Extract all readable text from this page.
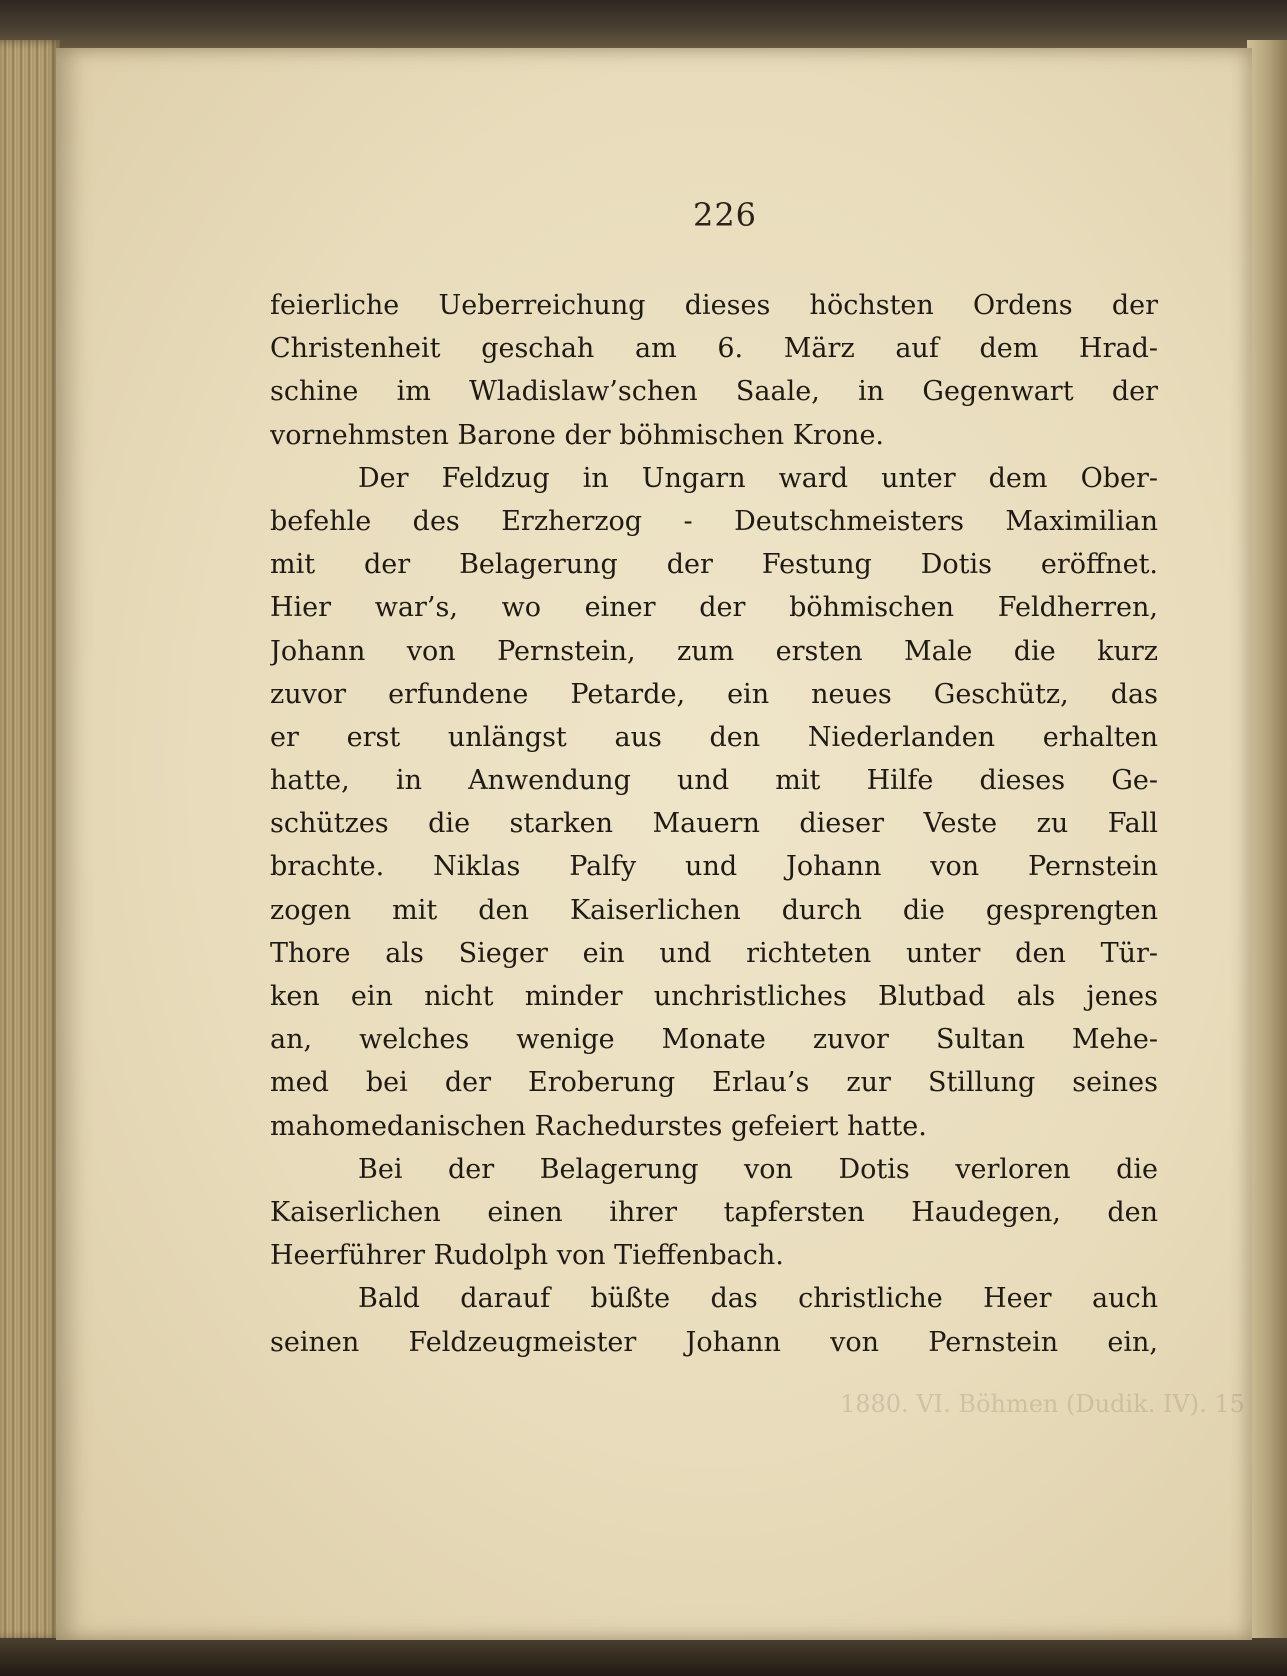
226
feierliche Ueberreichung dieses höchsten Ordens der
Christenheit geschah am 6. März auf dem Hrad-
schine im Wladislaw’schen Saale, in Gegenwart der
vornehmsten Barone der böhmischen Krone.
Der Feldzug in Ungarn ward unter dem Ober-
befehle des Erzherzog - Deutschmeisters Maximilian
mit der Belagerung der Festung Dotis eröffnet.
Hier war’s, wo einer der böhmischen Feldherren,
Johann von Pernstein, zum ersten Male die kurz
zuvor erfundene Petarde, ein neues Geschütz, das
er erst unlängst aus den Niederlanden erhalten
hatte, in Anwendung und mit Hilfe dieses Ge-
schützes die starken Mauern dieser Veste zu Fall
brachte. Niklas Palfy und Johann von Pernstein
zogen mit den Kaiserlichen durch die gesprengten
Thore als Sieger ein und richteten unter den Tür-
ken ein nicht minder unchristliches Blutbad als jenes
an, welches wenige Monate zuvor Sultan Mehe-
med bei der Eroberung Erlau’s zur Stillung seines
mahomedanischen Rachedurstes gefeiert hatte.
Bei der Belagerung von Dotis verloren die
Kaiserlichen einen ihrer tapfersten Haudegen, den
Heerführer Rudolph von Tieffenbach.
Bald darauf büßte das christliche Heer auch
seinen Feldzeugmeister Johann von Pernstein ein,
1880. VI. Böhmen (Dudik. IV). 15
